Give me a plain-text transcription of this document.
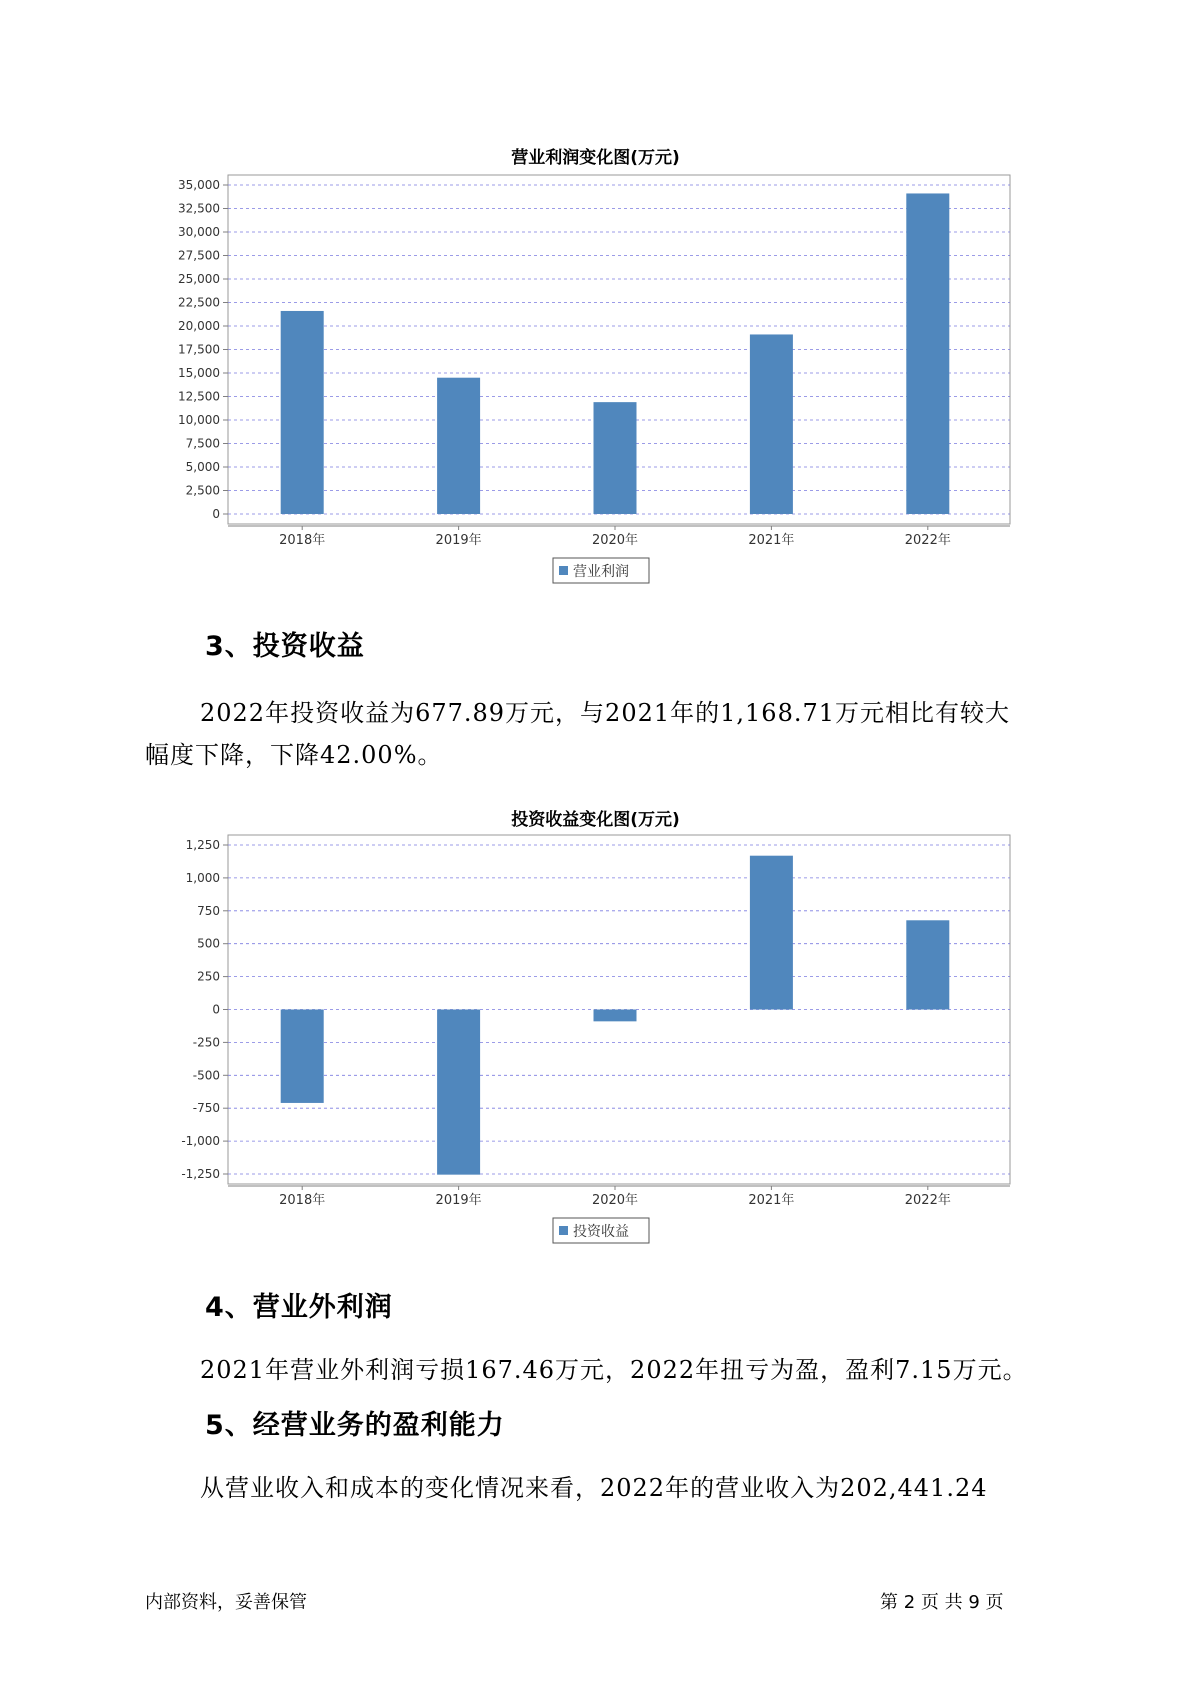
营业利润变化图(万元)
0
2,500
5,000
7,500
10,000
12,500
15,000
17,500
20,000
22,500
25,000
27,500
30,000
32,500
35,000
2018年	2019年	2020年	2021年	2022年
营业利润
3、投资收益
2022年投资收益为677.89万元，与2021年的1,168.71万元相比有较大
幅度下降，下降42.00%。
投资收益变化图(万元)
1,250
1,000
750
500
250
0
-250
-500
-750
-1,000
-1,250
2018年	2019年	2020年	2021年	2022年
投资收益
4、营业外利润
2021年营业外利润亏损167.46万元，2022年扭亏为盈，盈利7.15万元。
5、经营业务的盈利能力
从营业收入和成本的变化情况来看，2022年的营业收入为202,441.24
内部资料，妥善保管	第 2 页 共 9 页
